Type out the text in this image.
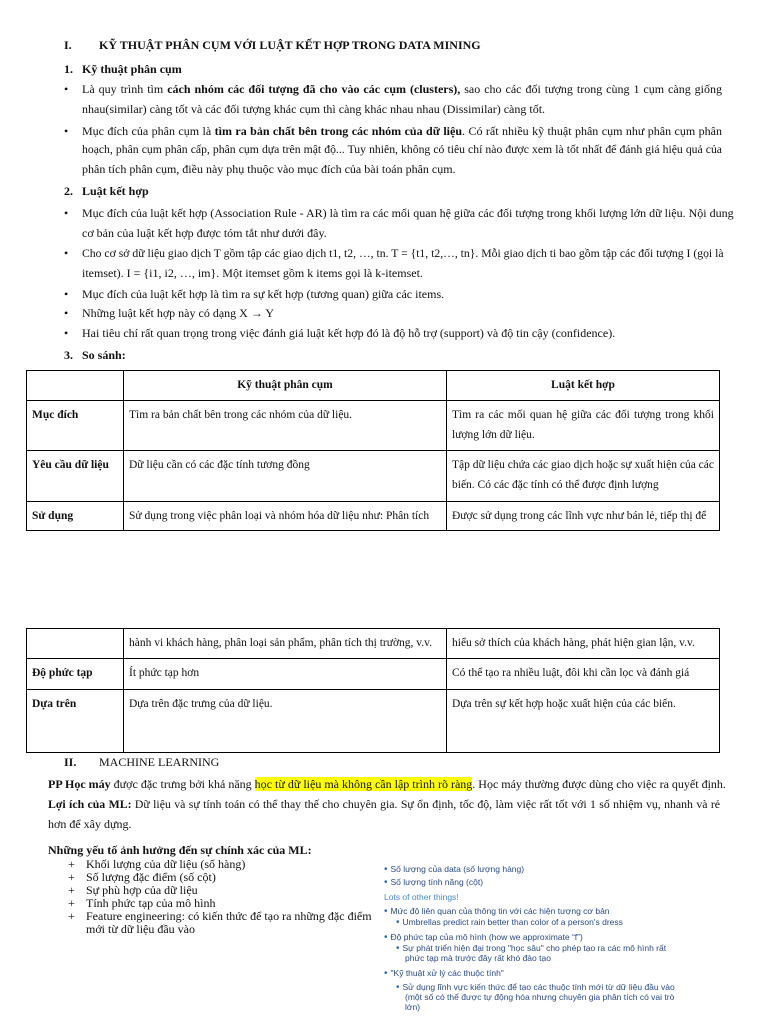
I. KỸ THUẬT PHÂN CỤM VỚI LUẬT KẾT HỢP TRONG DATA MINING
1. Kỹ thuật phân cụm
• Là quy trình tìm cách nhóm các đối tượng đã cho vào các cụm (clusters), sao cho các đối tượng trong cùng 1 cụm càng giống
nhau(similar) càng tốt và các đối tượng khác cụm thì càng khác nhau nhau (Dissimilar) càng tốt.
• Mục đích của phân cụm là tìm ra bản chất bên trong các nhóm của dữ liệu. Có rất nhiều kỹ thuật phân cụm như phân cụm phân
hoạch, phân cụm phân cấp, phân cụm dựa trên mật độ... Tuy nhiên, không có tiêu chí nào được xem là tốt nhất để đánh giá hiệu quả của
phân tích phân cụm, điều này phụ thuộc vào mục đích của bài toán phân cụm.
2. Luật kết hợp
• Mục đích của luật kết hợp (Association Rule - AR) là tìm ra các mối quan hệ giữa các đối tượng trong khối lượng lớn dữ liệu. Nội dung
cơ bản của luật kết hợp được tóm tắt như dưới đây.
• Cho cơ sở dữ liệu giao dịch T gồm tập các giao dịch t1, t2, …, tn. T = {t1, t2,…, tn}. Mỗi giao dịch ti bao gồm tập các đối tượng I (gọi là
itemset). I = {i1, i2, …, im}. Một itemset gồm k items gọi là k-itemset.
• Mục đích của luật kết hợp là tìm ra sự kết hợp (tương quan) giữa các items.
• Những luật kết hợp này có dạng X → Y
• Hai tiêu chí rất quan trọng trong việc đánh giá luật kết hợp đó là độ hỗ trợ (support) và độ tin cậy (confidence).
3. So sánh:
	Kỹ thuật phân cụm	Luật kết hợp
Mục đích	Tìm ra bản chất bên trong các nhóm của dữ liệu.	Tìm ra các mối quan hệ giữa các đối tượng trong khối lượng lớn dữ liệu.
Yêu cầu dữ liệu	Dữ liệu cần có các đặc tính tương đồng	Tập dữ liệu chứa các giao dịch hoặc sự xuất hiện của các biến. Có các đặc tính có thể được định lượng
Sử dụng	Sử dụng trong việc phân loại và nhóm hóa dữ liệu như: Phân tích	Được sử dụng trong các lĩnh vực như bán lẻ, tiếp thị để
	hành vi khách hàng, phân loại sản phẩm, phân tích thị trường, v.v.	hiểu sở thích của khách hàng, phát hiện gian lận, v.v.
Độ phức tạp	Ít phức tạp hơn	Có thể tạo ra nhiều luật, đôi khi cần lọc và đánh giá
Dựa trên	Dựa trên đặc trưng của dữ liệu.	Dựa trên sự kết hợp hoặc xuất hiện của các biến.
II. MACHINE LEARNING
PP Học máy được đặc trưng bởi khả năng học từ dữ liệu mà không cần lập trình rõ ràng. Học máy thường được dùng cho việc ra quyết định.
Lợi ích của ML: Dữ liệu và sự tính toán có thể thay thế cho chuyên gia. Sự ổn định, tốc độ, làm việc rất tốt với 1 số nhiệm vụ, nhanh và rẻ
hơn để xây dựng.
Những yếu tố ảnh hưởng đến sự chính xác của ML:
+ Khối lượng của dữ liệu (số hàng)
+ Số lượng đặc điểm (số cột)
+ Sự phù hợp của dữ liệu
+ Tính phức tạp của mô hình
+ Feature engineering: có kiến thức để tạo ra những đặc điểm
mới từ dữ liệu đầu vào
• Số lượng của data (số lượng hàng)
• Số lượng tính năng (cột)
Lots of other things!
• Mức độ liên quan của thông tin với các hiện tượng cơ bản
• Umbrellas predict rain better than color of a person's dress
• Độ phức tạp của mô hình (how we approximate “f”)
• Sự phát triển hiện đại trong "học sâu" cho phép tạo ra các mô hình rất
phức tạp mà trước đây rất khó đào tạo
• "Kỹ thuật xử lý các thuộc tính"
• Sử dụng lĩnh vực kiến thức để tạo các thuộc tính mới từ dữ liệu đầu vào
(một số có thể được tự động hóa nhưng chuyên gia phân tích có vai trò
lớn)
